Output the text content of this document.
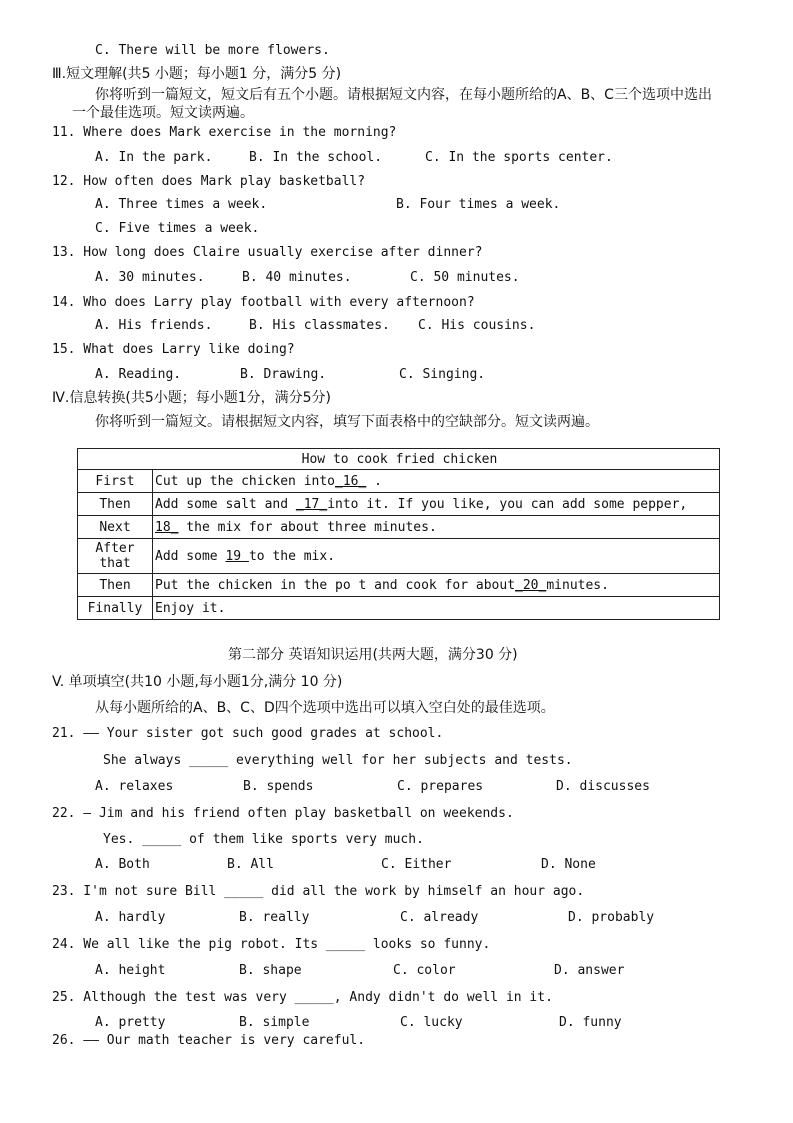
C. There will be more flowers.
Ⅲ.短文理解(共5 小题；每小题1 分，满分5 分)
你将听到一篇短文，短文后有五个小题。请根据短文内容，在每小题所给的A、B、C三个选项中选出
一个最佳选项。短文读两遍。
11. Where does Mark exercise in the morning?
A. In the park.	B. In the school.	C. In the sports center.
12. How often does Mark play basketball?
A. Three times a week.	B. Four times a week.
C. Five times a week.
13. How long does Claire usually exercise after dinner?
A. 30 minutes.	B. 40 minutes.	C. 50 minutes.
14. Who does Larry play football with every afternoon?
A. His friends.	B. His classmates. C. His cousins.
15. What does Larry like doing?
A. Reading.	B. Drawing.	C. Singing.
Ⅳ.信息转换(共5小题；每小题1分，满分5分)
你将听到一篇短文。请根据短文内容，填写下面表格中的空缺部分。短文读两遍。
How to cook fried chicken	
First	Cut up the chicken into_16_ .
Then	Add some salt and _17_into it. If you like, you can add some pepper,
Next	18_ the mix for about three minutes.

After
that	Add some 19 to the mix.
Then	Put the chicken in the po t and cook for about_20_minutes.
Finally	Enjoy it.
第二部分 英语知识运用(共两大题，满分30 分)
V. 单项填空(共10 小题,每小题1分,满分 10 分)
从每小题所给的A、B、C、D四个选项中选出可以填入空白处的最佳选项。
21. —— Your sister got such good grades at school.
She always _____ everything well for her subjects and tests.
A. relaxes	B. spends	C. prepares	D. discusses
22. — Jim and his friend often play basketball on weekends.
Yes. _____ of them like sports very much.
A. Both	B. All	C. Either	D. None
23. I'm not sure Bill _____ did all the work by himself an hour ago.
A. hardly	B. really	C. already	D. probably
24. We all like the pig robot. Its _____ looks so funny.
A. height	B. shape	C. color	D. answer
25. Although the test was very _____, Andy didn't do well in it.
A. pretty	B. simple	C. lucky	D. funny
26. —— Our math teacher is very careful.
